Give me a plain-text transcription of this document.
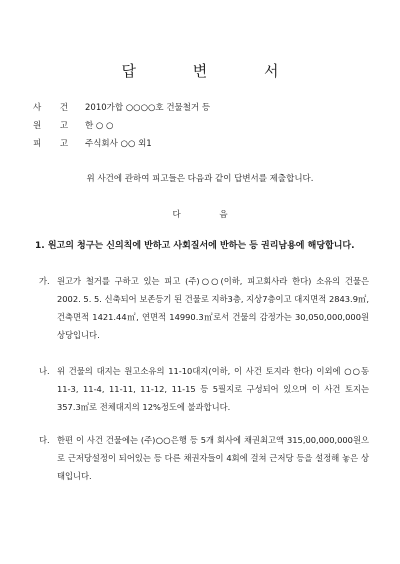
답 변 서
사 건 2010가합 ○○○○호 건물철거 등
원 고 한 ○ ○
피 고 주식회사 ○○ 외1
위 사건에 관하여 피고들은 다음과 같이 답변서를 제출합니다.
다 음
1. 원고의 청구는 신의칙에 반하고 사회질서에 반하는 등 권리남용에 해당합니다.
가. 원고가 철거를 구하고 있는 피고 (주)○○(이하, 피고회사라 한다) 소유의 건물은 2002. 5. 5. 신축되어 보존등기 된 건물로 지하3층, 지상7층이고 대지면적 2843.9㎡, 건축면적 1421.44㎡, 연면적 14990.3㎡로서 건물의 감정가는 30,050,000,000원 상당입니다.
나. 위 건물의 대지는 원고소유의 11-10대지(이하, 이 사건 토지라 한다) 이외에 ○○동 11-3, 11-4, 11-11, 11-12, 11-15 등 5필지로 구성되어 있으며 이 사건 토지는 357.3㎡로 전체대지의 12%정도에 불과합니다.
다. 한편 이 사건 건물에는 (주)○○은행 등 5개 회사에 채권최고액 315,00,000,000원으로 근저당설정이 되어있는 등 다른 채권자들이 4회에 걸쳐 근저당 등을 설정해 놓은 상태입니다.
